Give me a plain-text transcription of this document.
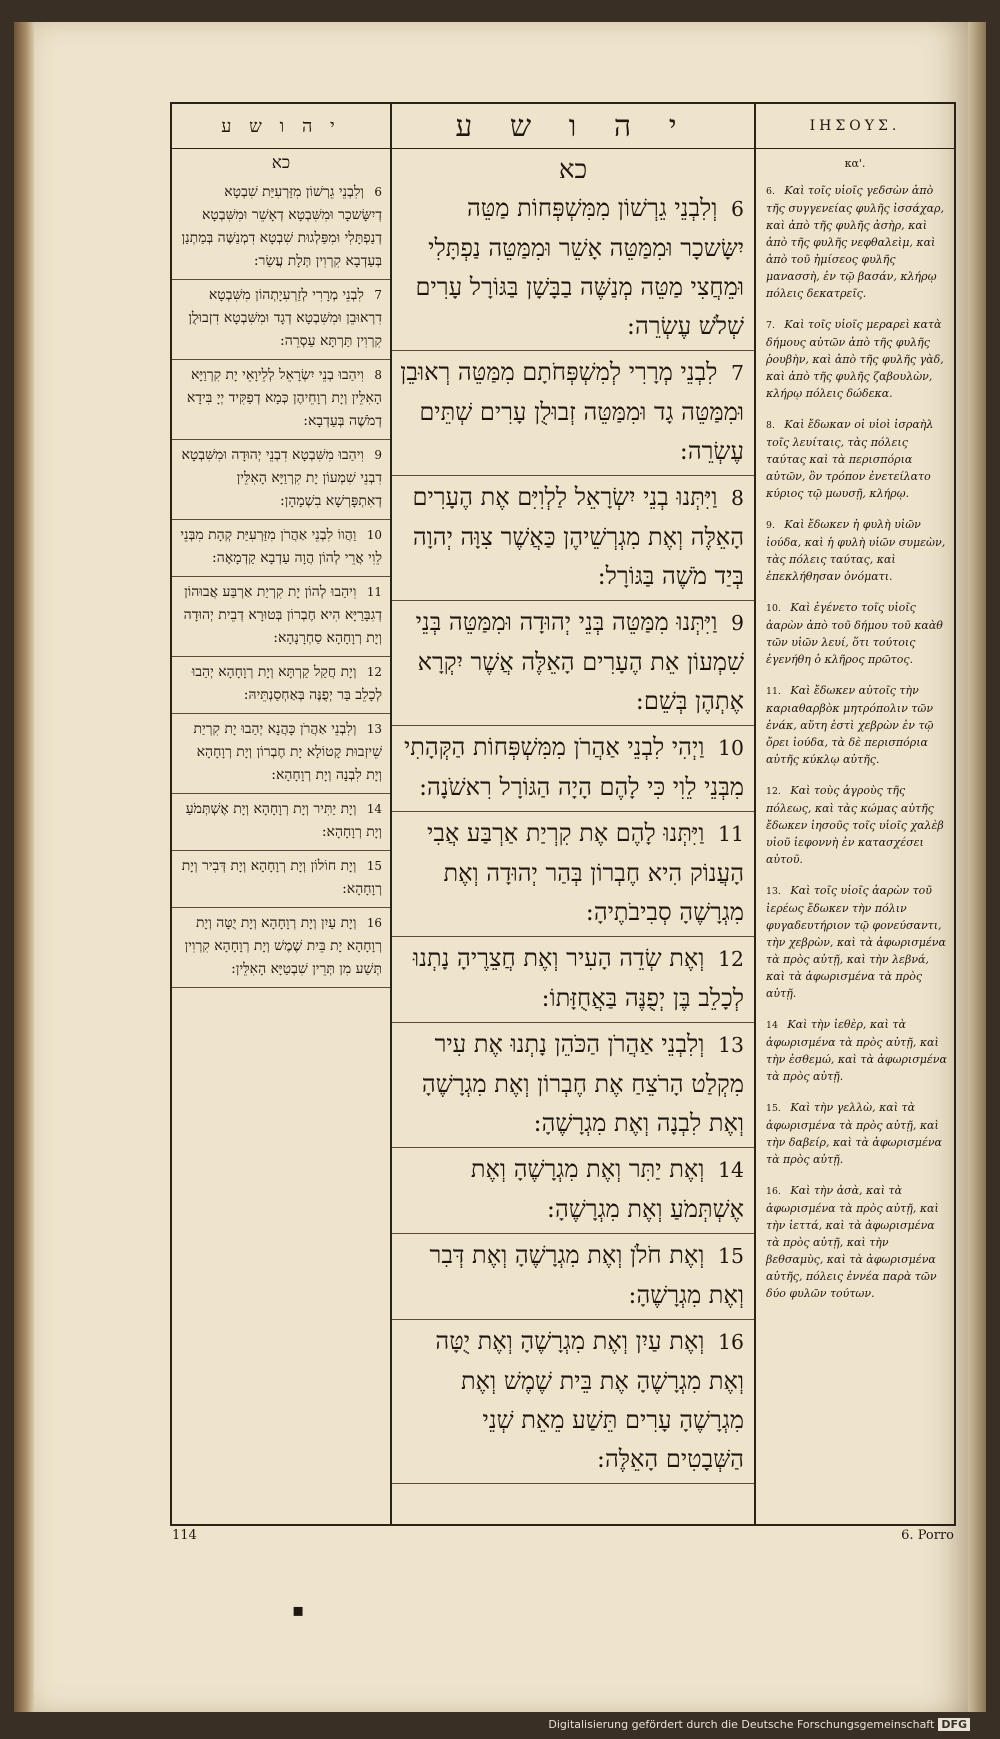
י ה ו ש ע
כא
6 וְלִבְנֵי גֵרְשׁוֹן מִזַּרְעִיַּת שִׁבְטָא דְיִשָּׂשכָר וּמִשִּׁבְטָא דְאָשֵׁר וּמִשִּׁבְטָא דְנַפְתָּלִי וּמִפַּלְגוּת שִׁבְטָא דִמְנַשֶּׁה בְּמַתְנַן בְּעַדְבָא קִרְוִין תְּלָת עֲשַׂר:
7 לִבְנֵי מְרָרִי לְזַרְעִיָתְהוֹן מִשִּׁבְטָא דִרְאוּבֵן וּמִשִּׁבְטָא דְגָד וּמִשִּׁבְטָא דִזְבוּלֻן קִרְוִין תַּרְתָּא עַסְרֵה:
8 וִיהַבוּ בְנֵי יִשְׂרָאֵל לְלֵיוָאֵי יָת קִרְוַיָּא הָאִלֵּין וְיָת רְוָחֵיהֶן כְּמָא דְפַקִּיד יְיָ בִּידָא דְמֹשֶׁה בְּעַדְבָא:
9 וִיהַבוּ מִשִּׁבְטָא דִבְנֵי יְהוּדָה וּמִשִּׁבְטָא דִבְנֵי שִׁמְעוֹן יָת קִרְוַיָּא הָאִלֵּין דְאִתְפָּרְשָׁא בִשְׁמָהָן:
10 וַהֲווֹ לִבְנֵי אַהֲרֹן מִזַּרְעִיַּת קְהָת מִבְּנֵי לֵוִי אֲרֵי לְהוֹן הֲוָה עַדְבָא קַדְמָאָה:
11 וִיהַבוּ לְהוֹן יָת קִרְיַת אַרְבַּע אֲבוּהוֹן דְגִבָּרַיָּא הִיא חֶבְרוֹן בְּטוּרָא דְבֵית יְהוּדָה וְיָת רְוָחָהָא סַחְרָנָהָא:
12 וְיָת חֲקַל קַרְתָּא וְיָת רְוָחָהָא יְהַבוּ לְכָלֵב בַּר יְפֻנֶּה בְּאַחְסַנְתֵּיהּ:
13 וְלִבְנֵי אַהֲרֹן כָּהֲנָא יְהַבוּ יָת קִרְיַת שֵׁיזְבוּת קָטוֹלָא יָת חֶבְרוֹן וְיָת רְוָחָהָא וְיָת לִבְנָה וְיָת רְוָחָהָא:
14 וְיָת יַתִּיר וְיָת רְוָחָהָא וְיָת אֶשְׁתְּמֹעַ וְיָת רְוָחָהָא:
15 וְיָת חוֹלוֹן וְיָת רְוָחָהָא וְיָת דְּבִיר וְיָת רְוָחָהָא:
16 וְיָת עַיִן וְיָת רְוָחָהָא וְיָת יֻטָּה וְיָת רְוָחָהָא יָת בֵּית שֶׁמֶשׁ וְיָת רְוָחָהָא קִרְוִין תְּשַׁע מִן תְּרֵין שִׁבְטַיָּא הָאִלֵּין:
י ה ו ש ע
כא
6 וְלִבְנֵי גֵרְשׁוֹן מִמִּשְׁפְּחוֹת מַטֵּה יִשָּׂשכָר וּמִמַּטֵּה אָשֵׁר וּמִמַּטֵּה נַפְתָּלִי וּמֵחֲצִי מַטֵּה מְנַשֶּׁה בַבָּשָׁן בַּגּוֹרָל עָרִים שְׁלֹשׁ עֶשְׂרֵה:
7 לִבְנֵי מְרָרִי לְמִשְׁפְּחֹתָם מִמַּטֵּה רְאוּבֵן וּמִמַּטֵּה גָד וּמִמַּטֵּה זְבוּלֻן עָרִים שְׁתֵּים עֶשְׂרֵה:
8 וַיִּתְּנוּ בְנֵי יִשְׂרָאֵל לַלְוִיִּם אֶת הֶעָרִים הָאֵלֶּה וְאֶת מִגְרְשֵׁיהֶן כַּאֲשֶׁר צִוָּה יְהוָה בְּיַד מֹשֶׁה בַּגּוֹרָל:
9 וַיִּתְּנוּ מִמַּטֵּה בְּנֵי יְהוּדָה וּמִמַּטֵּה בְּנֵי שִׁמְעוֹן אֵת הֶעָרִים הָאֵלֶּה אֲשֶׁר יִקְרָא אֶתְהֶן בְּשֵׁם:
10 וַיְהִי לִבְנֵי אַהֲרֹן מִמִּשְׁפְּחוֹת הַקְּהָתִי מִבְּנֵי לֵוִי כִּי לָהֶם הָיָה הַגּוֹרָל רִאשֹׁנָה:
11 וַיִּתְּנוּ לָהֶם אֶת קִרְיַת אַרְבַּע אֲבִי הָעֲנוֹק הִיא חֶבְרוֹן בְּהַר יְהוּדָה וְאֶת מִגְרָשֶׁהָ סְבִיבֹתֶיהָ:
12 וְאֶת שְׂדֵה הָעִיר וְאֶת חֲצֵרֶיהָ נָתְנוּ לְכָלֵב בֶּן יְפֻנֶּה בַּאֲחֻזָּתוֹ:
13 וְלִבְנֵי אַהֲרֹן הַכֹּהֵן נָתְנוּ אֶת עִיר מִקְלַט הָרֹצֵחַ אֶת חֶבְרוֹן וְאֶת מִגְרָשֶׁהָ וְאֶת לִבְנָה וְאֶת מִגְרָשֶׁהָ:
14 וְאֶת יַתִּר וְאֶת מִגְרָשֶׁהָ וְאֶת אֶשְׁתְּמֹעַ וְאֶת מִגְרָשֶׁהָ:
15 וְאֶת חֹלֹן וְאֶת מִגְרָשֶׁהָ וְאֶת דְּבִר וְאֶת מִגְרָשֶׁהָ:
16 וְאֶת עַיִן וְאֶת מִגְרָשֶׁהָ וְאֶת יֻטָּה וְאֶת מִגְרָשֶׁהָ אֶת בֵּית שֶׁמֶשׁ וְאֶת מִגְרָשֶׁהָ עָרִים תֵּשַׁע מֵאֵת שְׁנֵי הַשְּׁבָטִים הָאֵלֶּה:
ΙΗΣΟΥΣ.
κα'.
6. Καὶ τοῖς υἱοῖς γεδσὼν ἀπὸ τῆς συγγενείας φυλῆς ἰσσάχαρ, καὶ ἀπὸ τῆς φυλῆς ἀσὴρ, καὶ ἀπὸ τῆς φυλῆς νεφθαλεὶμ, καὶ ἀπὸ τοῦ ἡμίσεος φυλῆς μανασσὴ, ἐν τῷ βασάν, κλήρῳ πόλεις δεκατρεῖς.
7. Καὶ τοῖς υἱοῖς μεραρεὶ κατὰ δήμους αὐτῶν ἀπὸ τῆς φυλῆς ῥουβὴν, καὶ ἀπὸ τῆς φυλῆς γὰδ, καὶ ἀπὸ τῆς φυλῆς ζαβουλὼν, κλήρῳ πόλεις δώδεκα.
8. Καὶ ἔδωκαν οἱ υἱοὶ ἰσραὴλ τοῖς λευίταις, τὰς πόλεις ταύτας καὶ τὰ περισπόρια αὐτῶν, ὃν τρόπον ἐνετείλατο κύριος τῷ μωυσῇ, κλήρῳ.
9. Καὶ ἔδωκεν ἡ φυλὴ υἱῶν ἰούδα, καὶ ἡ φυλὴ υἱῶν συμεὼν, τὰς πόλεις ταύτας, καὶ ἐπεκλήθησαν ὀνόματι.
10. Καὶ ἐγένετο τοῖς υἱοῖς ἀαρὼν ἀπὸ τοῦ δήμου τοῦ καὰθ τῶν υἱῶν λευί, ὅτι τούτοις ἐγενήθη ὁ κλῆρος πρῶτος.
11. Καὶ ἔδωκεν αὐτοῖς τὴν καριαθαρβὸκ μητρόπολιν τῶν ἐνάκ, αὕτη ἐστὶ χεβρὼν ἐν τῷ ὄρει ἰούδα, τὰ δὲ περισπόρια αὐτῆς κύκλῳ αὐτῆς.
12. Καὶ τοὺς ἀγροὺς τῆς πόλεως, καὶ τὰς κώμας αὐτῆς ἔδωκεν ἰησοῦς τοῖς υἱοῖς χαλὲβ υἱοῦ ἰεφοννὴ ἐν κατασχέσει αὐτοῦ.
13. Καὶ τοῖς υἱοῖς ἀαρὼν τοῦ ἱερέως ἔδωκεν τὴν πόλιν φυγαδευτήριον τῷ φονεύσαντι, τὴν χεβρὼν, καὶ τὰ ἀφωρισμένα τὰ πρὸς αὐτῇ, καὶ τὴν λεβνά, καὶ τὰ ἀφωρισμένα τὰ πρὸς αὐτῇ.
14 Καὶ τὴν ἰεθὲρ, καὶ τὰ ἀφωρισμένα τὰ πρὸς αὐτῇ, καὶ τὴν ἐσθεμώ, καὶ τὰ ἀφωρισμένα τὰ πρὸς αὐτῇ.
15. Καὶ τὴν γελλὼ, καὶ τὰ ἀφωρισμένα τὰ πρὸς αὐτῇ, καὶ τὴν δαβείρ, καὶ τὰ ἀφωρισμένα τὰ πρὸς αὐτῇ.
16. Καὶ τὴν ἀσὰ, καὶ τὰ ἀφωρισμένα τὰ πρὸς αὐτῇ, καὶ τὴν ἰεττά, καὶ τὰ ἀφωρισμένα τὰ πρὸς αὐτῇ, καὶ τὴν βεθσαμὺς, καὶ τὰ ἀφωρισμένα αὐτῆς, πόλεις ἐννέα παρὰ τῶν δύο φυλῶν τούτων.
114	6. Porro
▪
Digitalisierung gefördert durch die Deutsche Forschungsgemeinschaft DFG
